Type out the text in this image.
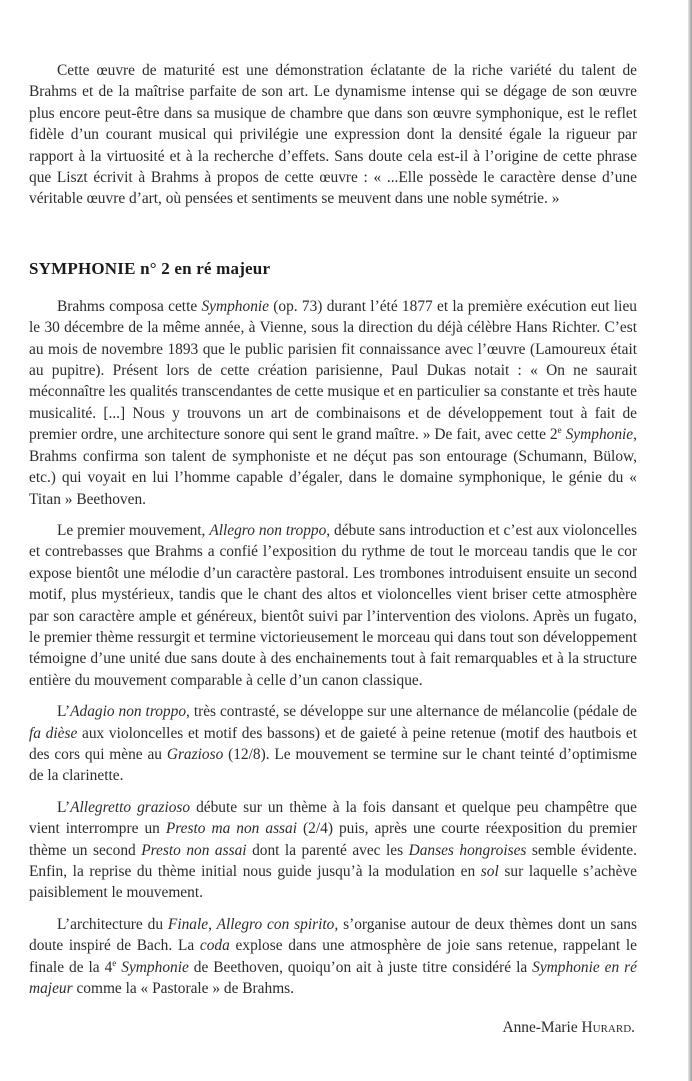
Cette œuvre de maturité est une démonstration éclatante de la riche variété du talent de Brahms et de la maîtrise parfaite de son art. Le dynamisme intense qui se dégage de son œuvre plus encore peut-être dans sa musique de chambre que dans son œuvre symphonique, est le reflet fidèle d’un courant musical qui privilégie une expression dont la densité égale la rigueur par rapport à la virtuosité et à la recherche d’effets. Sans doute cela est-il à l’origine de cette phrase que Liszt écrivit à Brahms à propos de cette œuvre : « ...Elle possède le caractère dense d’une véritable œuvre d’art, où pensées et sentiments se meuvent dans une noble symétrie. »

SYMPHONIE n° 2 en ré majeur

Brahms composa cette Symphonie (op. 73) durant l’été 1877 et la première exécution eut lieu le 30 décembre de la même année, à Vienne, sous la direction du déjà célèbre Hans Richter. C’est au mois de novembre 1893 que le public parisien fit connaissance avec l’œuvre (Lamoureux était au pupitre). Présent lors de cette création parisienne, Paul Dukas notait : « On ne saurait méconnaître les qualités transcendantes de cette musique et en particulier sa constante et très haute musicalité. [...] Nous y trouvons un art de combinaisons et de développement tout à fait de premier ordre, une architecture sonore qui sent le grand maître. » De fait, avec cette 2e Symphonie, Brahms confirma son talent de symphoniste et ne déçut pas son entourage (Schumann, Bülow, etc.) qui voyait en lui l’homme capable d’égaler, dans le domaine symphonique, le génie du « Titan » Beethoven.

Le premier mouvement, Allegro non troppo, débute sans introduction et c’est aux violoncelles et contrebasses que Brahms a confié l’exposition du rythme de tout le morceau tandis que le cor expose bientôt une mélodie d’un caractère pastoral. Les trombones introduisent ensuite un second motif, plus mystérieux, tandis que le chant des altos et violoncelles vient briser cette atmosphère par son caractère ample et généreux, bientôt suivi par l’intervention des violons. Après un fugato, le premier thème ressurgit et termine victorieusement le morceau qui dans tout son développement témoigne d’une unité due sans doute à des enchainements tout à fait remarquables et à la structure entière du mouvement comparable à celle d’un canon classique.

L’Adagio non troppo, très contrasté, se développe sur une alternance de mélancolie (pédale de fa dièse aux violoncelles et motif des bassons) et de gaieté à peine retenue (motif des hautbois et des cors qui mène au Grazioso (12/8). Le mouvement se termine sur le chant teinté d’optimisme de la clarinette.

L’Allegretto grazioso débute sur un thème à la fois dansant et quelque peu champêtre que vient interrompre un Presto ma non assai (2/4) puis, après une courte réexposition du premier thème un second Presto non assai dont la parenté avec les Danses hongroises semble évidente. Enfin, la reprise du thème initial nous guide jusqu’à la modulation en sol sur laquelle s’achève paisiblement le mouvement.

L’architecture du Finale, Allegro con spirito, s’organise autour de deux thèmes dont un sans doute inspiré de Bach. La coda explose dans une atmosphère de joie sans retenue, rappelant le finale de la 4e Symphonie de Beethoven, quoiqu’on ait à juste titre considéré la Symphonie en ré majeur comme la « Pastorale » de Brahms.

Anne-Marie Hurard.
